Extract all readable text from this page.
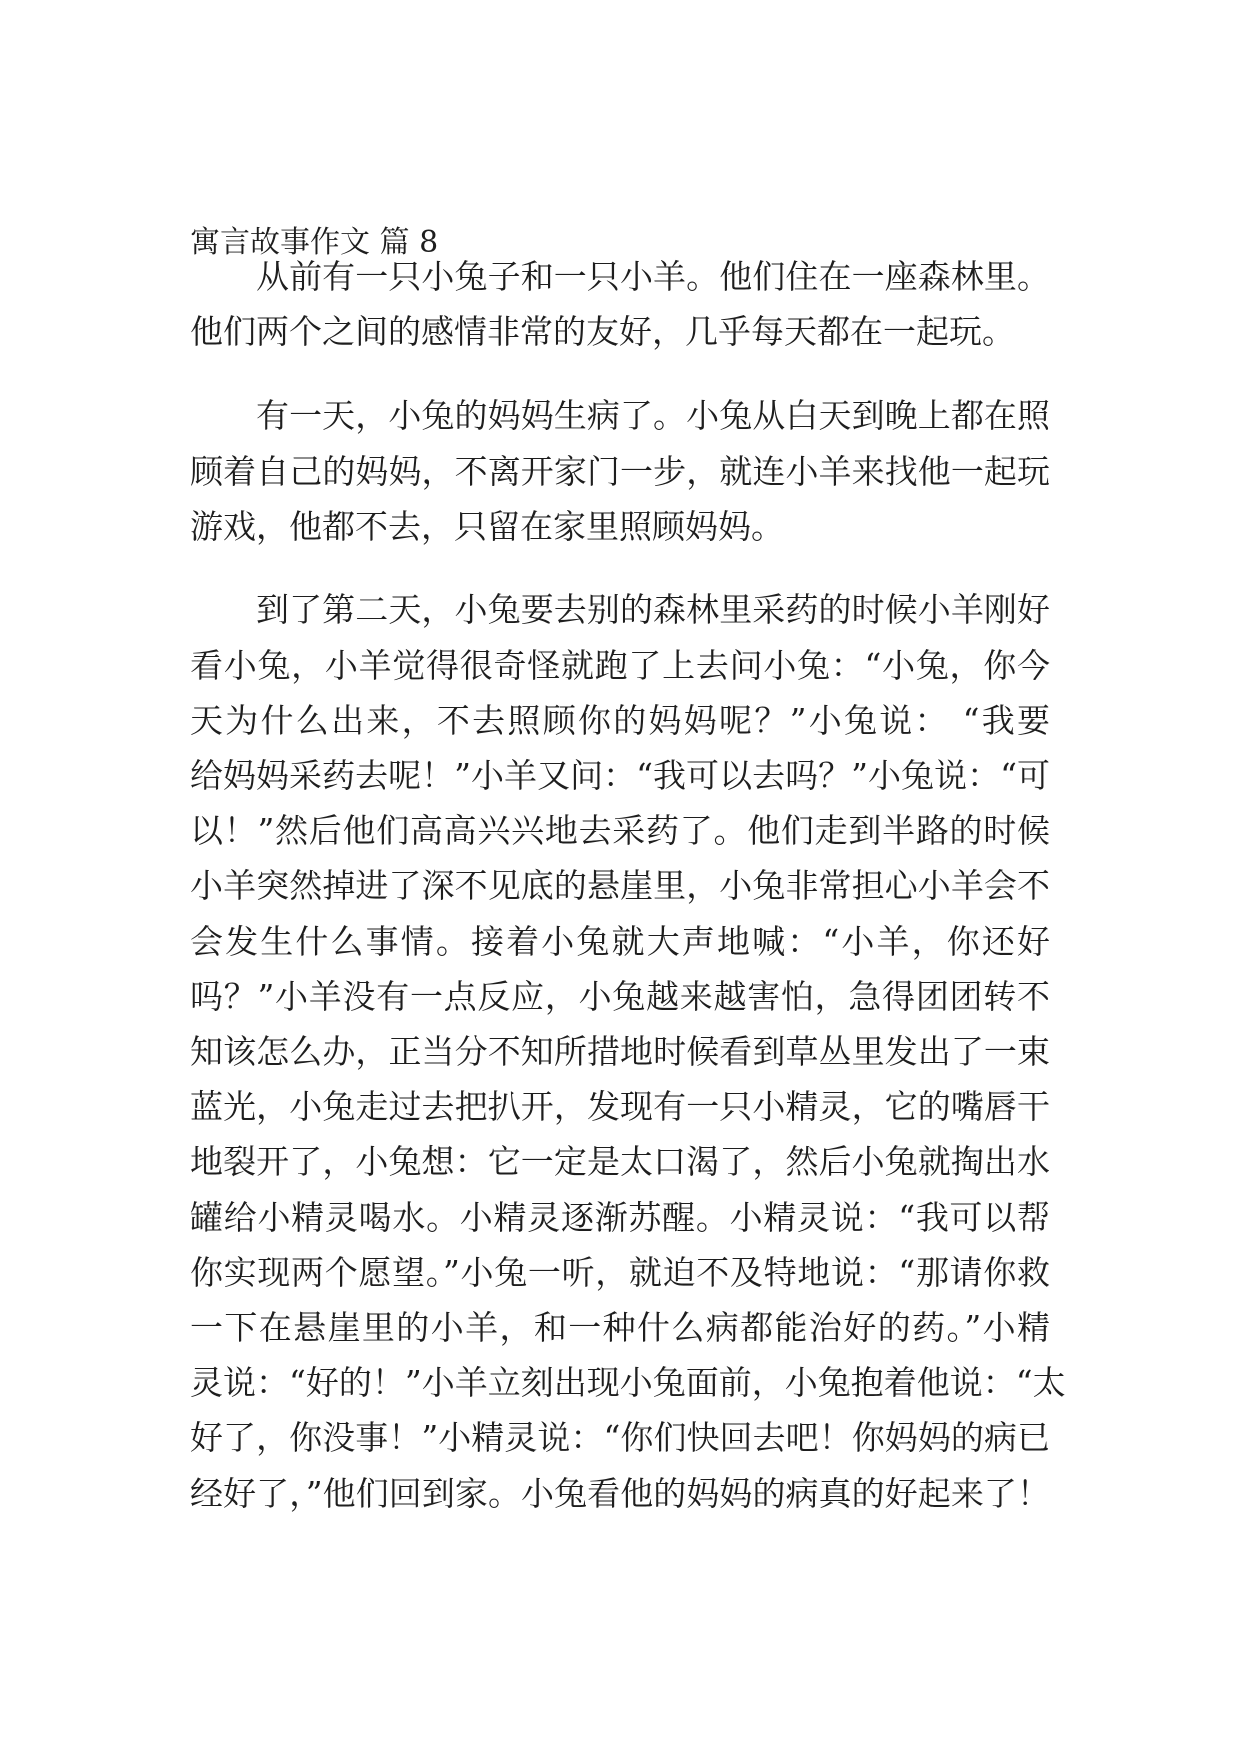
寓言故事作文 篇 8
从前有一只小兔子和一只小羊。他们住在一座森林里。
他们两个之间的感情非常的友好，几乎每天都在一起玩。
有一天，小兔的妈妈生病了。小兔从白天到晚上都在照
顾着自己的妈妈，不离开家门一步，就连小羊来找他一起玩
游戏，他都不去，只留在家里照顾妈妈。
到了第二天，小兔要去别的森林里采药的时候小羊刚好
看小兔，小羊觉得很奇怪就跑了上去问小兔：“小兔，你今
天为什么出来，不去照顾你的妈妈呢？”小兔说： “我要
给妈妈采药去呢！”小羊又问：“我可以去吗？”小兔说：“可
以！”然后他们高高兴兴地去采药了。他们走到半路的时候
小羊突然掉进了深不见底的悬崖里，小兔非常担心小羊会不
会发生什么事情。接着小兔就大声地喊：“小羊，你还好
吗？”小羊没有一点反应，小兔越来越害怕，急得团团转不
知该怎么办，正当分不知所措地时候看到草丛里发出了一束
蓝光，小兔走过去把扒开，发现有一只小精灵，它的嘴唇干
地裂开了，小兔想：它一定是太口渴了，然后小兔就掏出水
罐给小精灵喝水。小精灵逐渐苏醒。小精灵说：“我可以帮
你实现两个愿望。”小兔一听，就迫不及特地说：“那请你救
一下在悬崖里的小羊，和一种什么病都能治好的药。”小精
灵说：“好的！”小羊立刻出现小兔面前，小兔抱着他说：“太
好了，你没事！”小精灵说：“你们快回去吧！你妈妈的病已
经好了，”他们回到家。小兔看他的妈妈的病真的好起来了！
